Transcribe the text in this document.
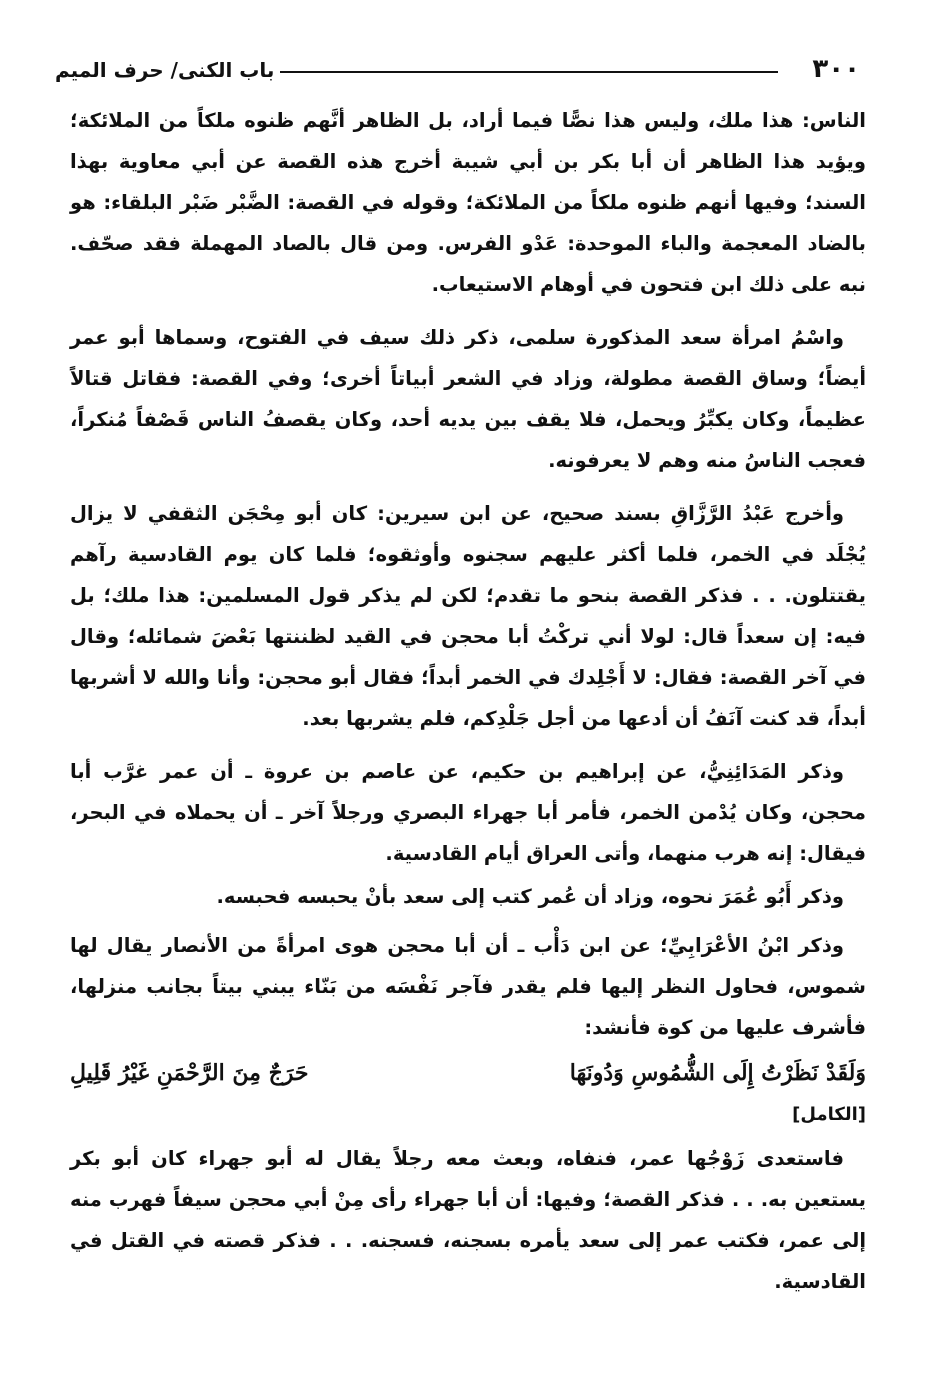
باب الكنى/ حرف الميم	٣٠٠

الناس: هذا ملك، وليس هذا نصًّا فيما أراد، بل الظاهر أنَّهم ظنوه ملكاً من الملائكة؛ ويؤيد هذا الظاهر أن أبا بكر بن أبي شيبة أخرج هذه القصة عن أبي معاوية بهذا السند؛ وفيها أنهم ظنوه ملكاً من الملائكة؛ وقوله في القصة: الضَّبْر ضَبْر البلقاء: هو بالضاد المعجمة والباء الموحدة: عَدْو الفرس. ومن قال بالصاد المهملة فقد صحّف. نبه على ذلك ابن فتحون في أوهام الاستيعاب.

واسْمُ امرأة سعد المذكورة سلمى، ذكر ذلك سيف في الفتوح، وسماها أبو عمر أيضاً؛ وساق القصة مطولة، وزاد في الشعر أبياتاً أخرى؛ وفي القصة: فقاتل قتالاً عظيماً، وكان يكبِّرُ ويحمل، فلا يقف بين يديه أحد، وكان يقصفُ الناس قَصْفاً مُنكراً، فعجب الناسُ منه وهم لا يعرفونه.

وأخرج عَبْدُ الرَّزَّاقِ بسند صحيح، عن ابن سيرين: كان أبو مِحْجَن الثقفي لا يزال يُجْلَد في الخمر، فلما أكثر عليهم سجنوه وأوثقوه؛ فلما كان يوم القادسية رآهم يقتتلون. . . فذكر القصة بنحو ما تقدم؛ لكن لم يذكر قول المسلمين: هذا ملك؛ بل فيه: إن سعداً قال: لولا أني تركْتُ أبا محجن في القيد لظننتها بَعْضَ شمائله؛ وقال في آخر القصة: فقال: لا أَجْلِدك في الخمر أبداً؛ فقال أبو محجن: وأنا والله لا أشربها أبداً، قد كنت آنَفُ أن أدعها من أجل جَلْدِكم، فلم يشربها بعد.

وذكر المَدَائِنِيُّ، عن إبراهيم بن حكيم، عن عاصم بن عروة ـ أن عمر غرَّب أبا محجن، وكان يُدْمن الخمر، فأمر أبا جهراء البصري ورجلاً آخر ـ أن يحملاه في البحر، فيقال: إنه هرب منهما، وأتى العراق أيام القادسية.

وذكر أَبُو عُمَرَ نحوه، وزاد أن عُمر كتب إلى سعد بأنْ يحبسه فحبسه.

وذكر ابْنُ الأعْرَابِيِّ؛ عن ابن دَأْب ـ أن أبا محجن هوى امرأةً من الأنصار يقال لها شموس، فحاول النظر إليها فلم يقدر فآجر نَفْسَه من بَنّاء يبني بيتاً بجانب منزلها، فأشرف عليها من كوة فأنشد:

وَلَقَدْ نَظَرْتُ إِلَى الشُّمُوسِ وَدُونَهَا
حَرَجٌ مِنَ الرَّحْمَنِ غَيْرُ قَلِيلِ

[الكامل]

فاستعدى زَوْجُها عمر، فنفاه، وبعث معه رجلاً يقال له أبو جهراء كان أبو بكر يستعين به. . . فذكر القصة؛ وفيها: أن أبا جهراء رأى مِنْ أبي محجن سيفاً فهرب منه إلى عمر، فكتب عمر إلى سعد يأمره بسجنه، فسجنه. . . فذكر قصته في القتل في القادسية.
